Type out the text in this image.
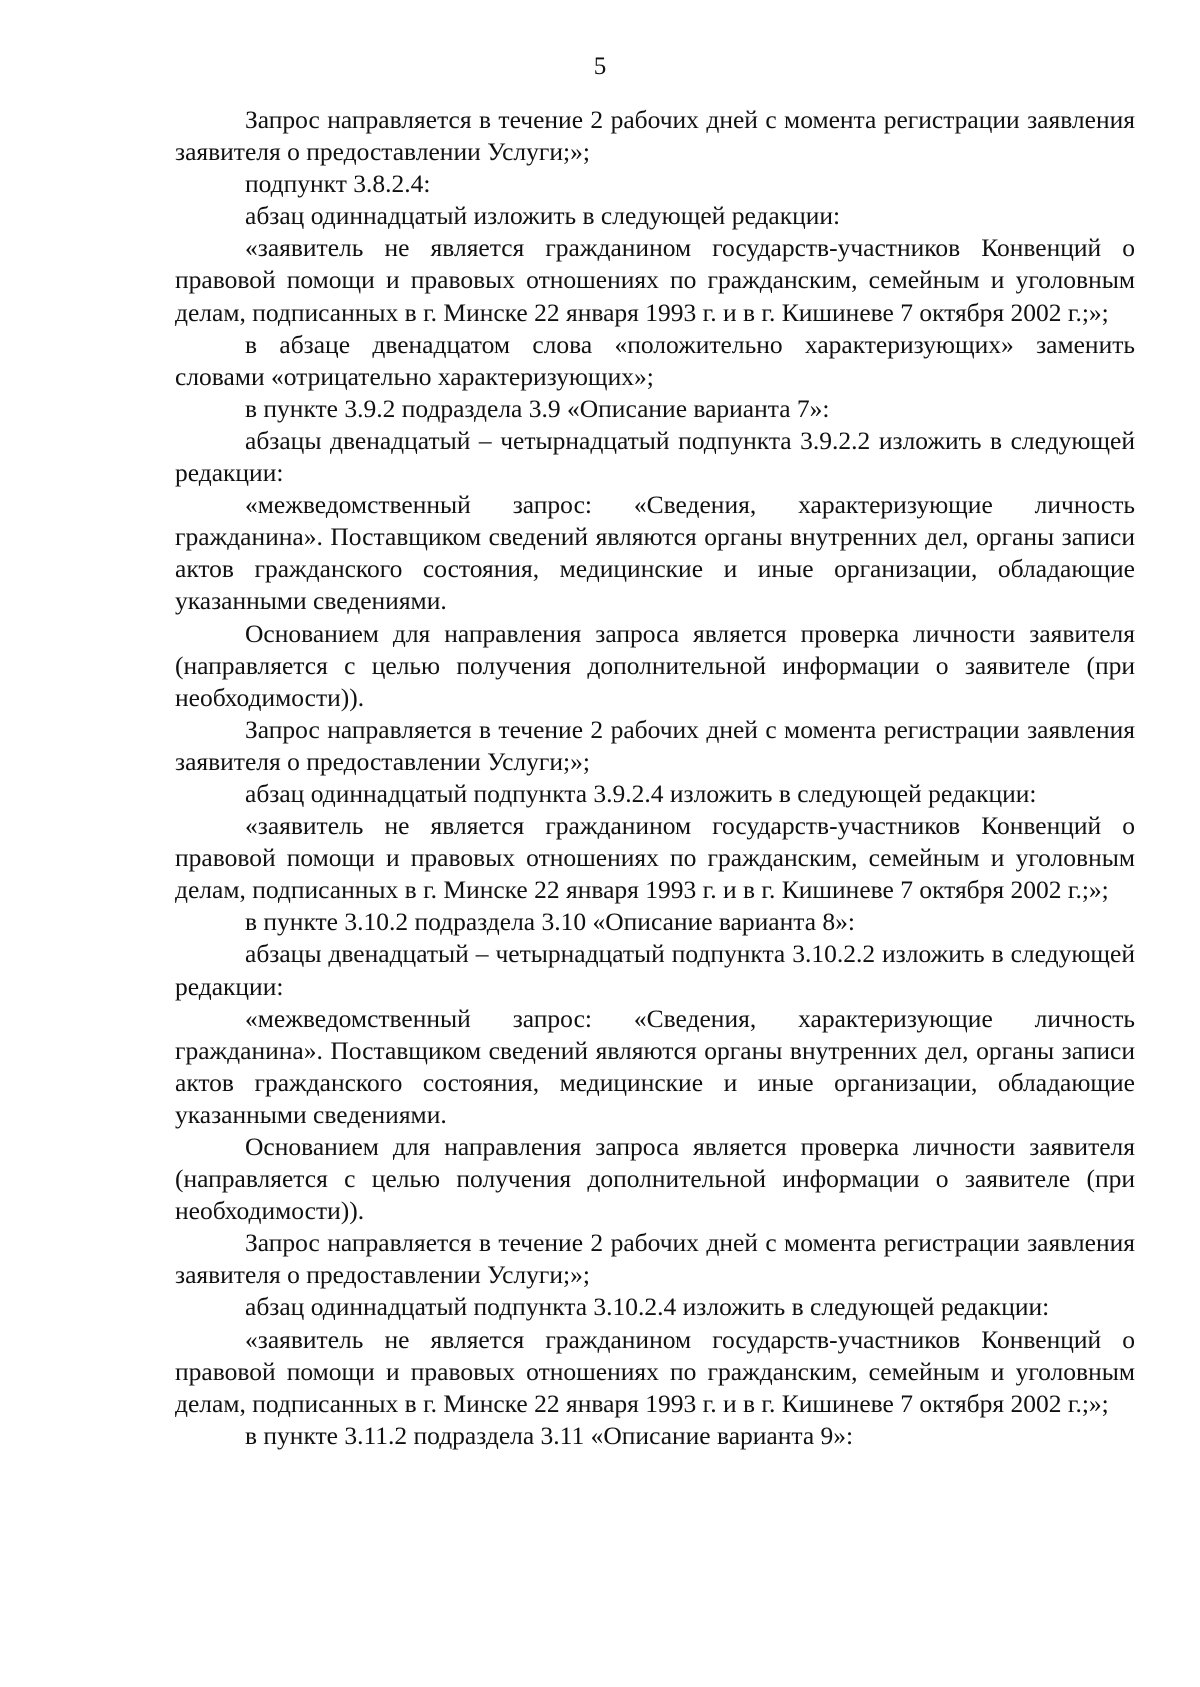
5

Запрос направляется в течение 2 рабочих дней с момента регистрации заявления заявителя о предоставлении Услуги;»;

подпункт 3.8.2.4:

абзац одиннадцатый изложить в следующей редакции:

«заявитель не является гражданином государств-участников Конвенций о правовой помощи и правовых отношениях по гражданским, семейным и уголовным делам, подписанных в г. Минске 22 января 1993 г. и в г. Кишиневе 7 октября 2002 г.;»;

в абзаце двенадцатом слова «положительно характеризующих» заменить словами «отрицательно характеризующих»;

в пункте 3.9.2 подраздела 3.9 «Описание варианта 7»:

абзацы двенадцатый – четырнадцатый подпункта 3.9.2.2 изложить в следующей редакции:

«межведомственный запрос: «Сведения, характеризующие личность гражданина». Поставщиком сведений являются органы внутренних дел, органы записи актов гражданского состояния, медицинские и иные организации, обладающие указанными сведениями.

Основанием для направления запроса является проверка личности заявителя (направляется с целью получения дополнительной информации о заявителе (при необходимости)).

Запрос направляется в течение 2 рабочих дней с момента регистрации заявления заявителя о предоставлении Услуги;»;

абзац одиннадцатый подпункта 3.9.2.4 изложить в следующей редакции:

«заявитель не является гражданином государств-участников Конвенций о правовой помощи и правовых отношениях по гражданским, семейным и уголовным делам, подписанных в г. Минске 22 января 1993 г. и в г. Кишиневе 7 октября 2002 г.;»;

в пункте 3.10.2 подраздела 3.10 «Описание варианта 8»:

абзацы двенадцатый – четырнадцатый подпункта 3.10.2.2 изложить в следующей редакции:

«межведомственный запрос: «Сведения, характеризующие личность гражданина». Поставщиком сведений являются органы внутренних дел, органы записи актов гражданского состояния, медицинские и иные организации, обладающие указанными сведениями.

Основанием для направления запроса является проверка личности заявителя (направляется с целью получения дополнительной информации о заявителе (при необходимости)).

Запрос направляется в течение 2 рабочих дней с момента регистрации заявления заявителя о предоставлении Услуги;»;

абзац одиннадцатый подпункта 3.10.2.4 изложить в следующей редакции:

«заявитель не является гражданином государств-участников Конвенций о правовой помощи и правовых отношениях по гражданским, семейным и уголовным делам, подписанных в г. Минске 22 января 1993 г. и в г. Кишиневе 7 октября 2002 г.;»;

в пункте 3.11.2 подраздела 3.11 «Описание варианта 9»:
